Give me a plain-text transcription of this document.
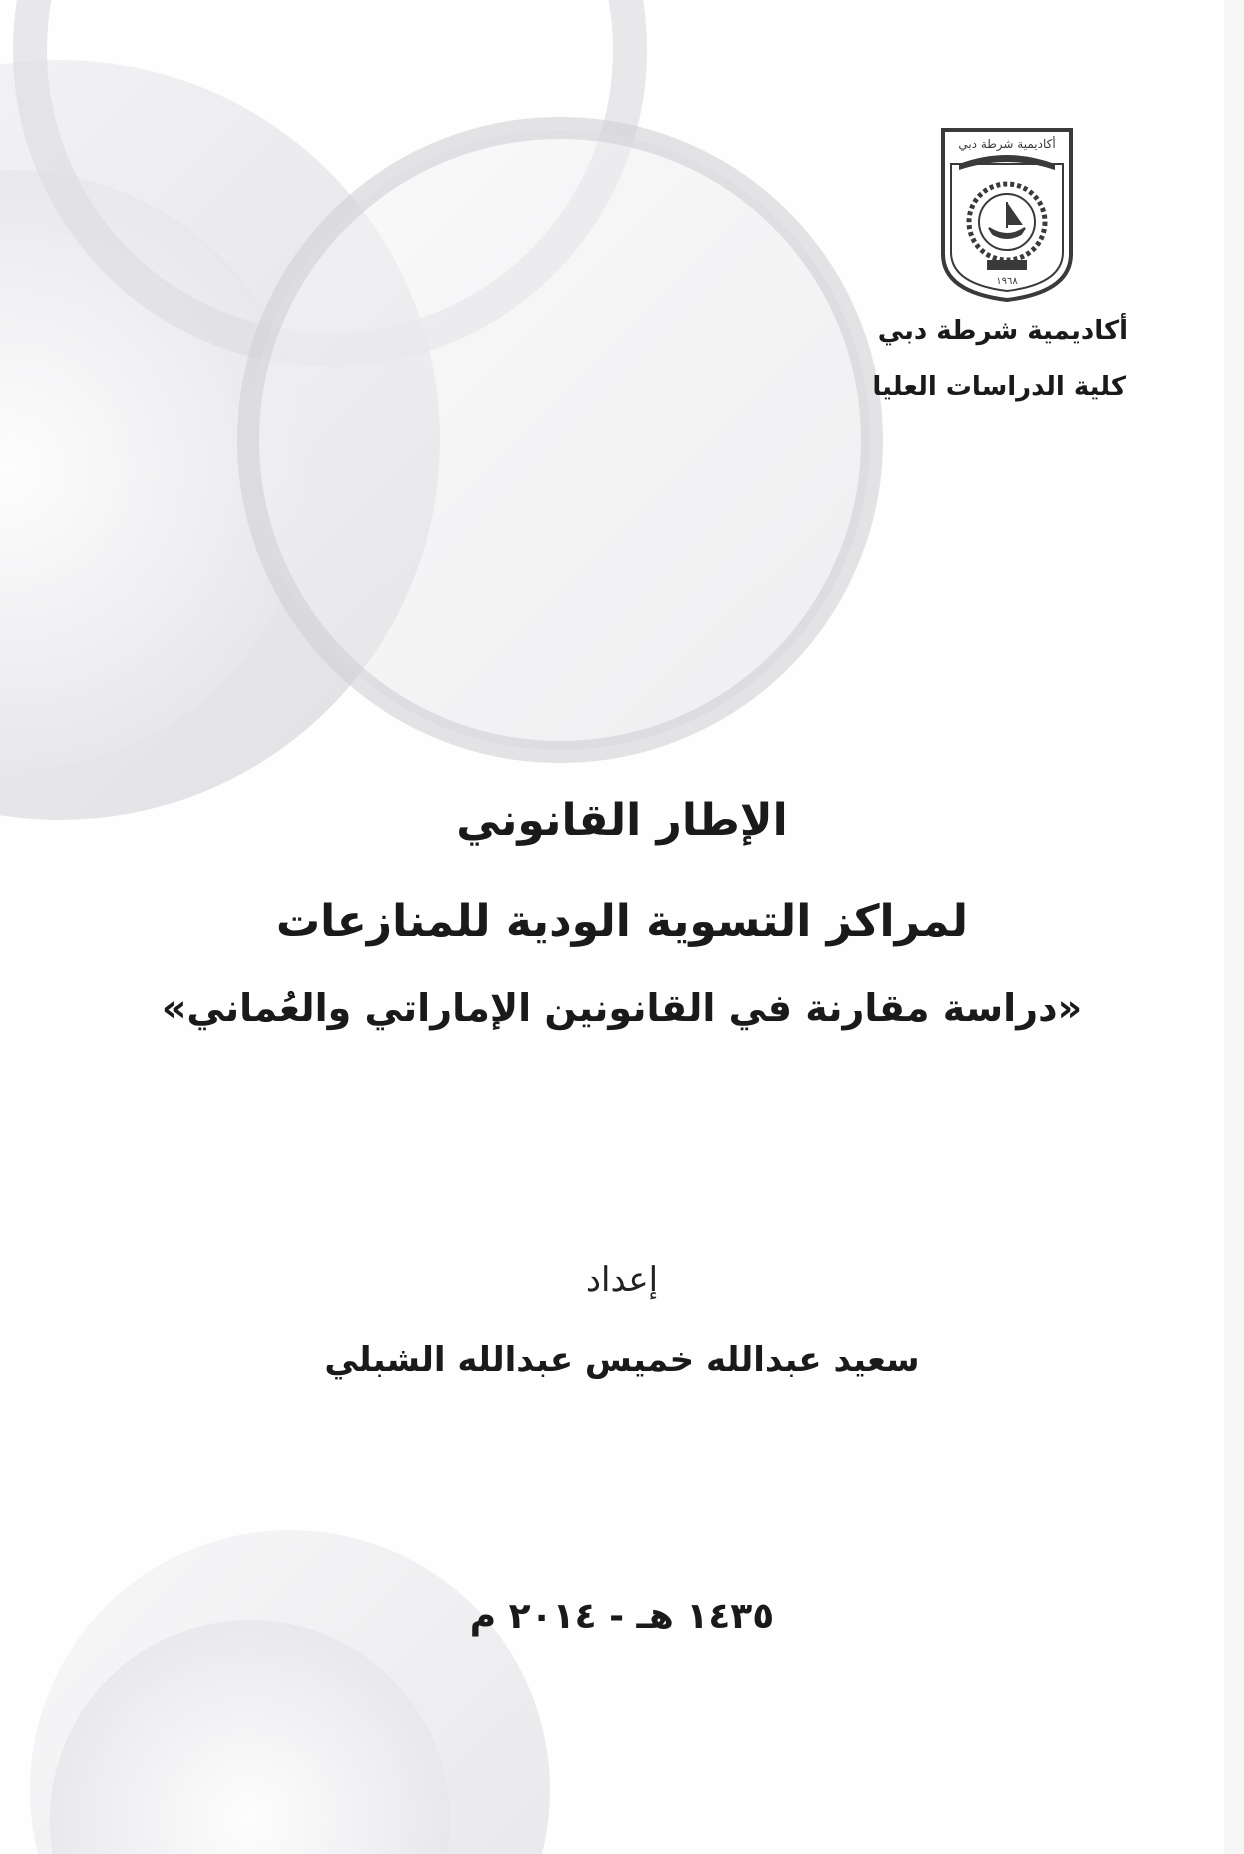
أكاديمية شرطة دبي
١٩٦٨
أكاديمية شرطة دبي
كلية الدراسات العليا
الإطار القانوني
لمراكز التسوية الودية للمنازعات
«دراسة مقارنة في القانونين الإماراتي والعُماني»
إعداد
سعيد عبدالله خميس عبدالله الشبلي
١٤٣٥ هـ - ٢٠١٤ م
